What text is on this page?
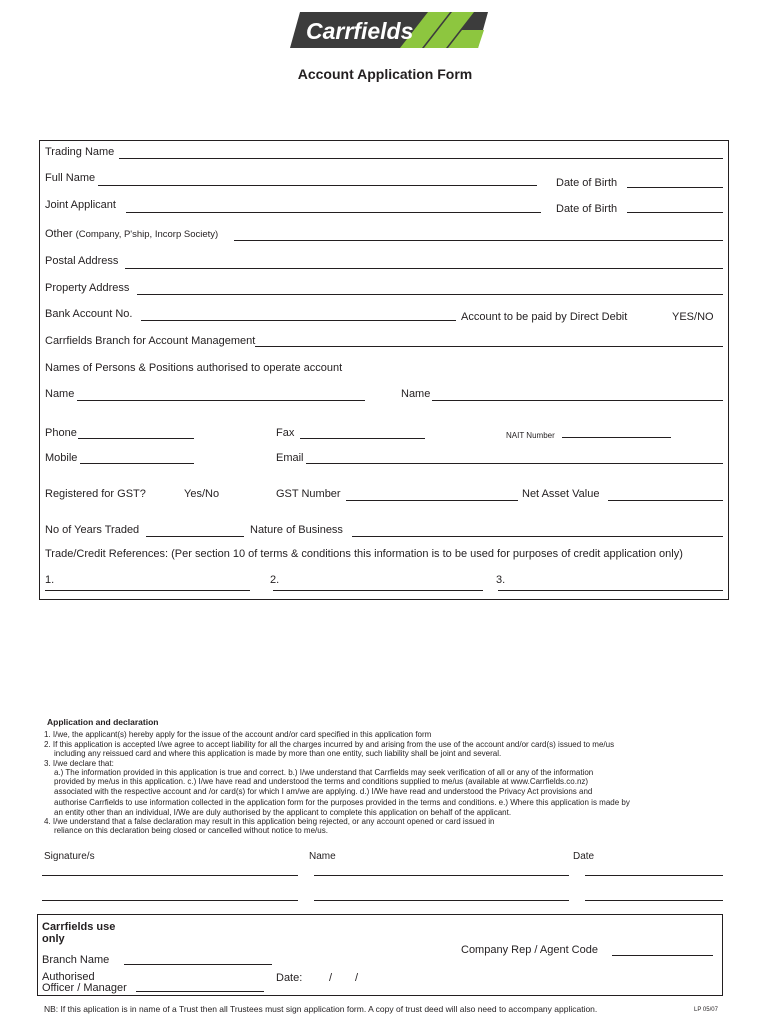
Carrfields
Account Application Form
Trading Name
Full Name	Date of Birth
Joint Applicant	Date of Birth
Other (Company, P'ship, Incorp Society)
Postal Address
Property Address
Bank Account No.	Account to be paid by Direct Debit	YES/NO
Carrfields Branch for Account Management
Names of Persons & Positions authorised to operate account
Name	Name
Phone	Fax	NAIT Number
Mobile	Email
Registered for GST?	Yes/No	GST Number	Net Asset Value
No of Years Traded	Nature of Business
Trade/Credit References: (Per section 10 of terms & conditions this information is to be used for purposes of credit application only)
1.	2.	3.
Application and declaration

1. I/we, the applicant(s) hereby apply for the issue of the account and/or card specified in this application form

2. If this application is accepted I/we agree to accept liability for all the charges incurred by and arising from the use of the account and/or card(s) issued to me/us

including any reissued card and where this application is made by more than one entity, such liability shall be joint and several.

3. I/we declare that:

a.) The information provided in this application is true and correct. b.) I/we understand that Carrfields may seek verification of all or any of the information

provided by me/us in this application. c.) I/we have read and understood the terms and conditions supplied to me/us (available at www.Carrfields.co.nz)

associated with the respective account and /or card(s) for which I am/we are applying. d.) I/We have read and understood the Privacy Act provisions and

authorise Carrfields to use information collected in the application form for the purposes provided in the terms and conditions. e.) Where this application is made by

an entity other than an individual, I/We are duly authorised by the applicant to complete this application on behalf of the applicant.

4. I/we understand that a false declaration may result in this application being rejected, or any account opened or card issued in

reliance on this declaration being closed or cancelled without notice to me/us.

Signature/s	Name	Date
Carrfields use
only
Company Rep / Agent Code
Branch Name
Authorised
Officer / Manager
Date: / /
NB: If this aplication is in name of a Trust then all Trustees must sign application form. A copy of trust deed will also need to accompany application.	LP 05/07
